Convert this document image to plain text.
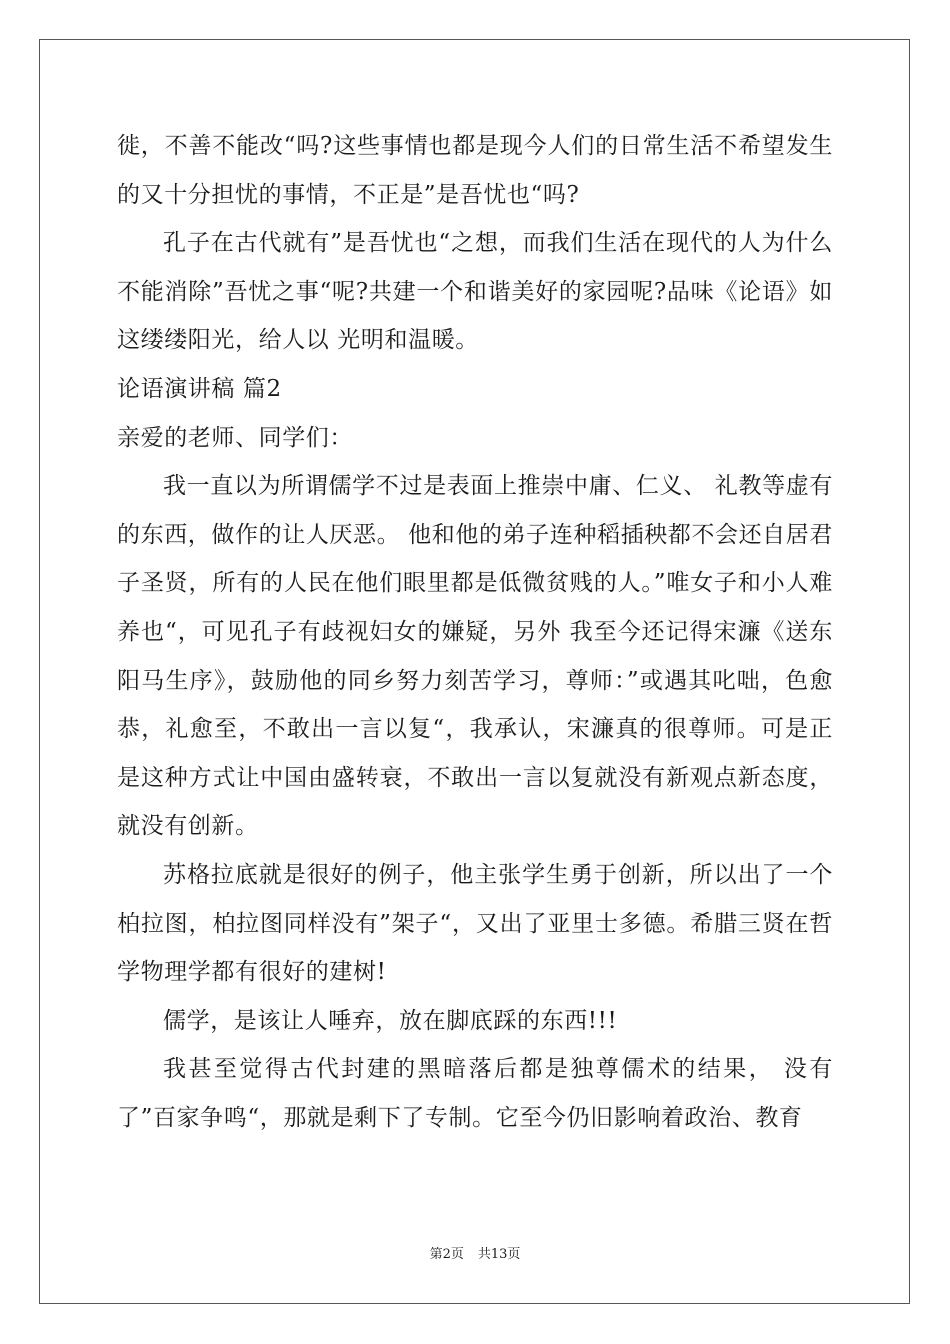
徙，不善不能改“吗?这些事情也都是现今人们的日常生活不希望发生的又十分担忧的事情，不正是”是吾忧也“吗?

孔子在古代就有”是吾忧也“之想，而我们生活在现代的人为什么不能消除”吾忧之事“呢?共建一个和谐美好的家园呢?品味《论语》如这缕缕阳光，给人以 光明和温暖。

论语演讲稿 篇2

亲爱的老师、同学们：

我一直以为所谓儒学不过是表面上推崇中庸、仁义、 礼教等虚有的东西，做作的让人厌恶。 他和他的弟子连种稻插秧都不会还自居君子圣贤，所有的人民在他们眼里都是低微贫贱的人。”唯女子和小人难养也“，可见孔子有歧视妇女的嫌疑，另外 我至今还记得宋濂《送东阳马生序》，鼓励他的同乡努力刻苦学习，尊师：”或遇其叱咄，色愈恭，礼愈至，不敢出一言以复“，我承认，宋濂真的很尊师。可是正是这种方式让中国由盛转衰，不敢出一言以复就没有新观点新态度，就没有创新。

苏格拉底就是很好的例子，他主张学生勇于创新，所以出了一个柏拉图，柏拉图同样没有”架子“，又出了亚里士多德。希腊三贤在哲学物理学都有很好的建树!

儒学，是该让人唾弃，放在脚底踩的东西!!!

我甚至觉得古代封建的黑暗落后都是独尊儒术的结果， 没有了”百家争鸣“，那就是剩下了专制。它至今仍旧影响着政治、教育

第2页 共13页
